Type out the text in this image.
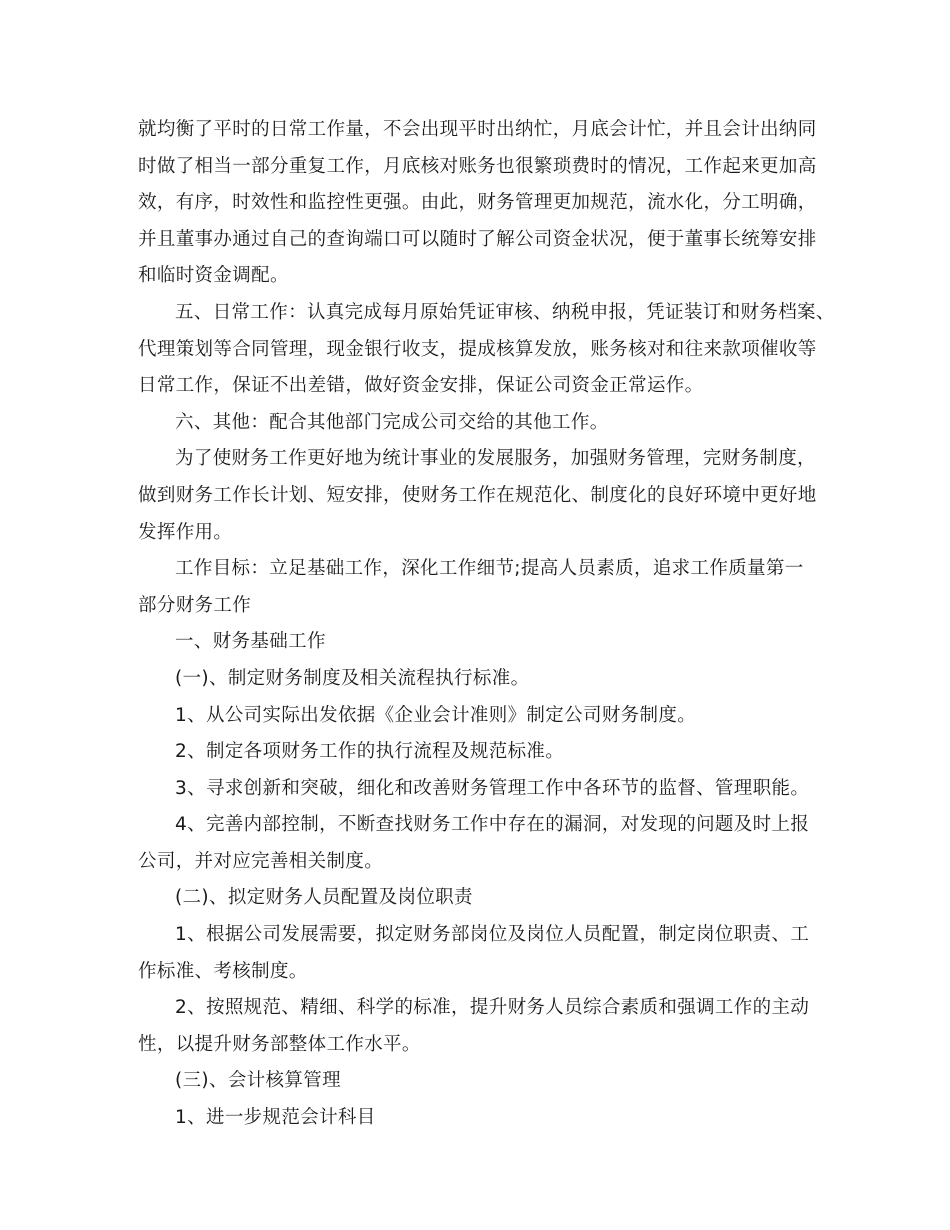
就均衡了平时的日常工作量，不会出现平时出纳忙，月底会计忙，并且会计出纳同
时做了相当一部分重复工作，月底核对账务也很繁琐费时的情况，工作起来更加高
效，有序，时效性和监控性更强。由此，财务管理更加规范，流水化，分工明确，
并且董事办通过自己的查询端口可以随时了解公司资金状况，便于董事长统筹安排
和临时资金调配。

五、日常工作：认真完成每月原始凭证审核、纳税申报，凭证装订和财务档案、
代理策划等合同管理，现金银行收支，提成核算发放，账务核对和往来款项催收等
日常工作，保证不出差错，做好资金安排，保证公司资金正常运作。

六、其他：配合其他部门完成公司交给的其他工作。

为了使财务工作更好地为统计事业的发展服务，加强财务管理，完财务制度，
做到财务工作长计划、短安排，使财务工作在规范化、制度化的良好环境中更好地
发挥作用。

工作目标：立足基础工作，深化工作细节;提高人员素质，追求工作质量第一
部分财务工作

一、财务基础工作

(一)、制定财务制度及相关流程执行标准。

1、从公司实际出发依据《企业会计准则》制定公司财务制度。

2、制定各项财务工作的执行流程及规范标准。

3、寻求创新和突破，细化和改善财务管理工作中各环节的监督、管理职能。

4、完善内部控制，不断查找财务工作中存在的漏洞，对发现的问题及时上报
公司，并对应完善相关制度。

(二)、拟定财务人员配置及岗位职责

1、根据公司发展需要，拟定财务部岗位及岗位人员配置，制定岗位职责、工
作标准、考核制度。

2、按照规范、精细、科学的标准，提升财务人员综合素质和强调工作的主动
性，以提升财务部整体工作水平。

(三)、会计核算管理

1、进一步规范会计科目
